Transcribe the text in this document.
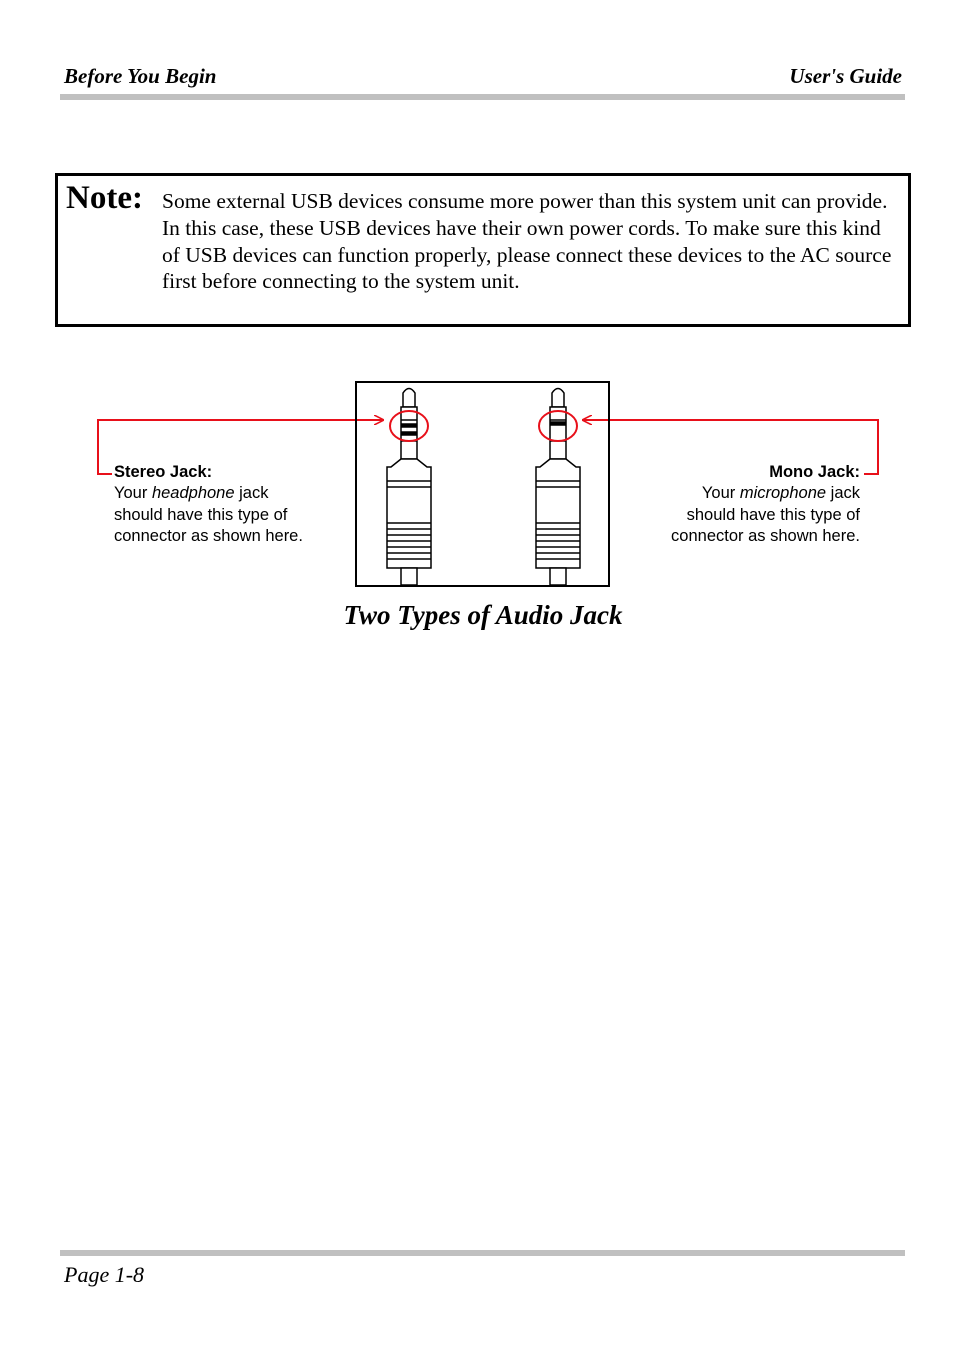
Before You Begin	User's Guide
Note: Some external USB devices consume more power than this system unit can provide. In this case, these USB devices have their own power cords. To make sure this kind of USB devices can function properly, please connect these devices to the AC source first before connecting to the system unit.
Stereo Jack:
Your headphone jack
should have this type of
connector as shown here.
Mono Jack:
Your microphone jack
should have this type of
connector as shown here.
Two Types of Audio Jack
Page 1-8
